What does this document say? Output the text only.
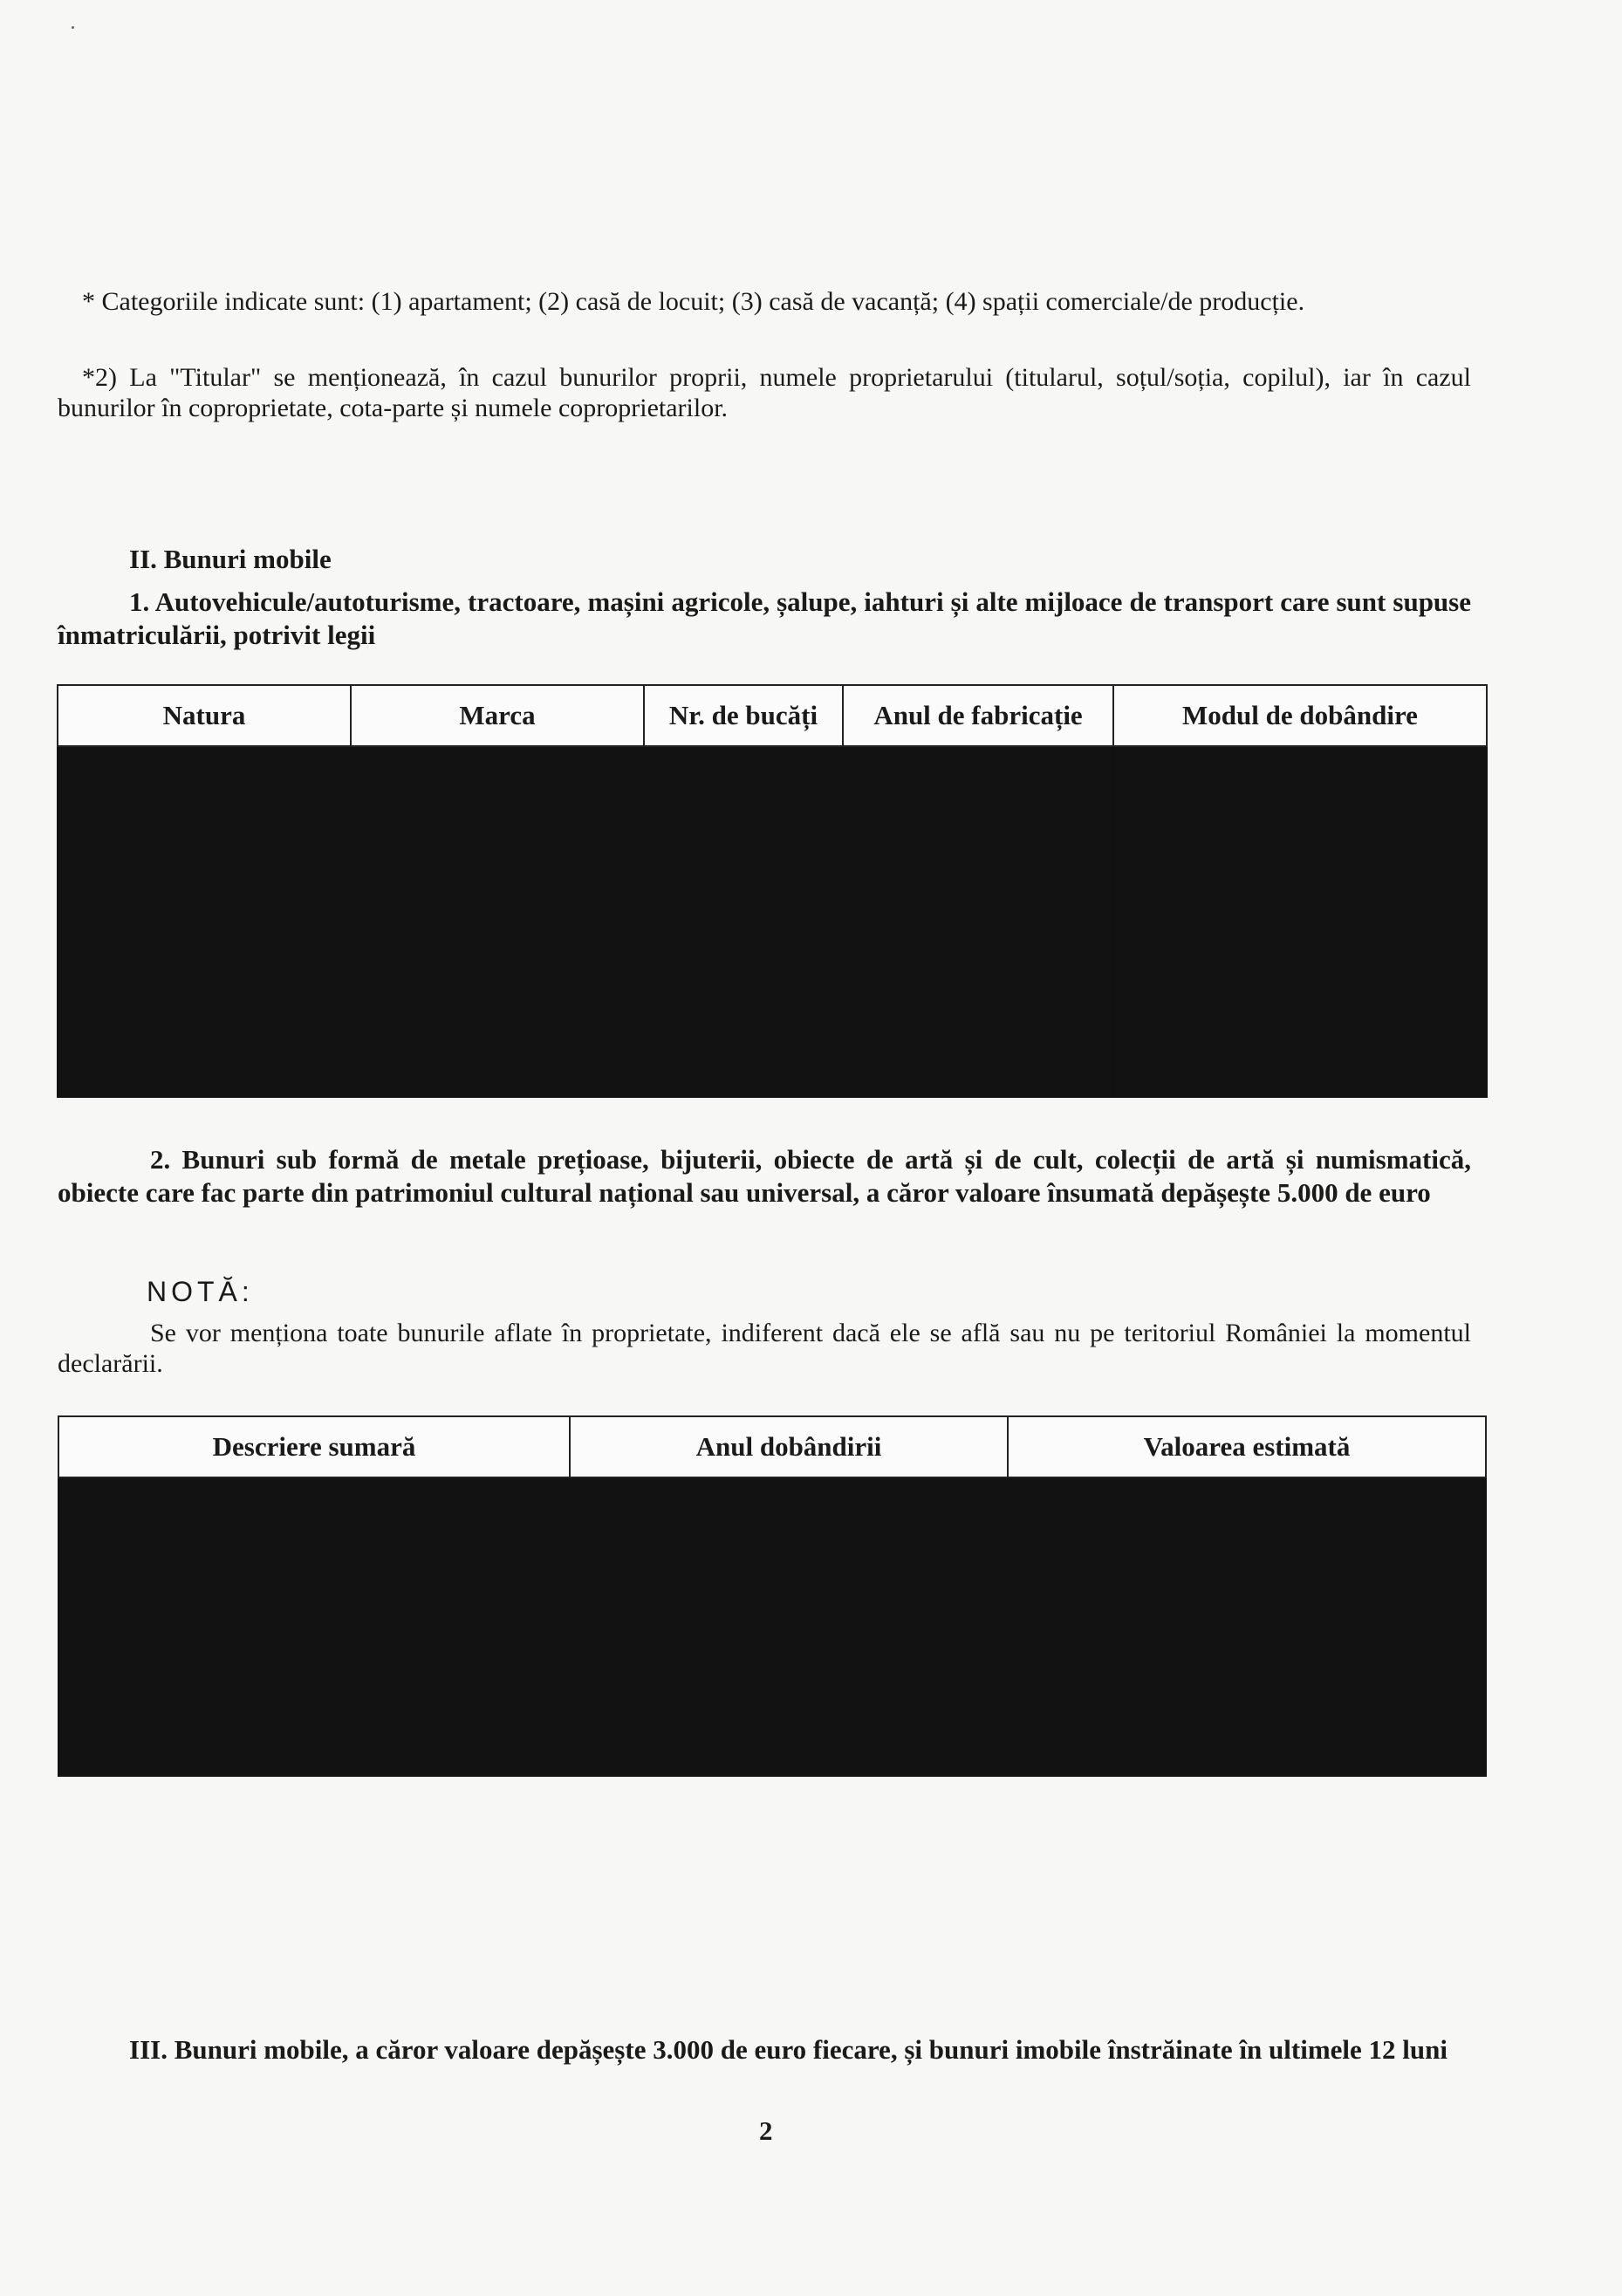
* Categoriile indicate sunt: (1) apartament; (2) casă de locuit; (3) casă de vacanță; (4) spații comerciale/de producție.
*2) La "Titular" se menționează, în cazul bunurilor proprii, numele proprietarului (titularul, soțul/soția, copilul), iar în cazul bunurilor în coproprietate, cota-parte și numele coproprietarilor.
II. Bunuri mobile
1. Autovehicule/autoturisme, tractoare, mașini agricole, șalupe, iahturi și alte mijloace de transport care sunt supuse înmatriculării, potrivit legii
Natura	Marca	Nr. de bucăți	Anul de fabricație	Modul de dobândire

2. Bunuri sub formă de metale prețioase, bijuterii, obiecte de artă și de cult, colecții de artă și numismatică, obiecte care fac parte din patrimoniul cultural național sau universal, a căror valoare însumată depășește 5.000 de euro
NOTĂ:
Se vor menționa toate bunurile aflate în proprietate, indiferent dacă ele se află sau nu pe teritoriul României la momentul declarării.
Descriere sumară	Anul dobândirii	Valoarea estimată

III. Bunuri mobile, a căror valoare depășește 3.000 de euro fiecare, și bunuri imobile înstrăinate în ultimele 12 luni
2
